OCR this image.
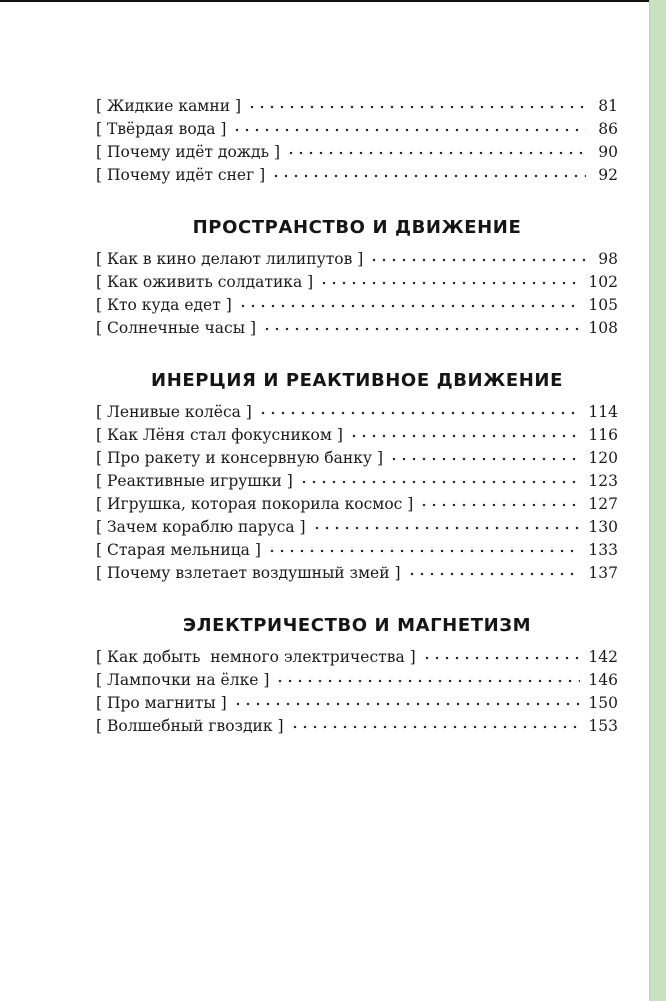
[ Жидкие камни ]	81
[ Твёрдая вода ]	86
[ Почему идёт дождь ]	90
[ Почему идёт снег ]	92
ПРОСТРАНСТВО И ДВИЖЕНИЕ
[ Как в кино делают лилипутов ]	98
[ Как оживить солдатика ]	102
[ Кто куда едет ]	105
[ Солнечные часы ]	108
ИНЕРЦИЯ И РЕАКТИВНОЕ ДВИЖЕНИЕ
[ Ленивые колёса ]	114
[ Как Лёня стал фокусником ]	116
[ Про ракету и консервную банку ]	120
[ Реактивные игрушки ]	123
[ Игрушка, которая покорила космос ]	127
[ Зачем кораблю паруса ]	130
[ Старая мельница ]	133
[ Почему взлетает воздушный змей ]	137
ЭЛЕКТРИЧЕСТВО И МАГНЕТИЗМ
[ Как добыть  немного электричества ]	142
[ Лампочки на ёлке ]	146
[ Про магниты ]	150
[ Волшебный гвоздик ]	153
